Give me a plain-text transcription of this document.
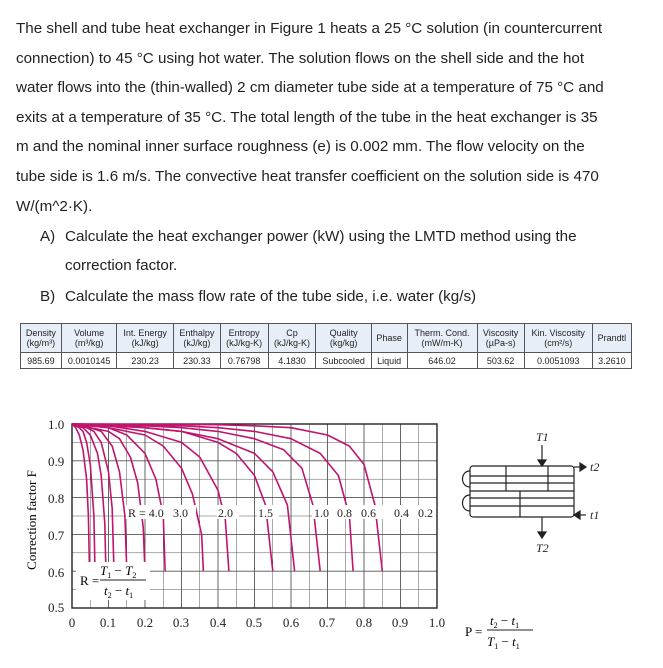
The shell and tube heat exchanger in Figure 1 heats a 25 °C solution (in countercurrent

connection) to 45 °C using hot water. The solution flows on the shell side and the hot

water flows into the (thin-walled) 2 cm diameter tube side at a temperature of 75 °C and

exits at a temperature of 35 °C. The total length of the tube in the heat exchanger is 35

m and the nominal inner surface roughness (e) is 0.002 mm. The flow velocity on the

tube side is 1.6 m/s. The convective heat transfer coefficient on the solution side is 470

W/(m^2·K).

A) Calculate the heat exchanger power (kW) using the LMTD method using the
correction factor.
B) Calculate the mass flow rate of the tube side, i.e. water (kg/s)
Density
(kg/m³)	Volume
(m³/kg)	Int. Energy
(kJ/kg)	Enthalpy
(kJ/kg)	Entropy
(kJ/kg-K)	Cp
(kJ/kg-K)	Quality
(kg/kg)	Phase	Therm. Cond.
(mW/m-K)	Viscosity
(µPa-s)	Kin. Viscosity
(cm²/s)	Prandtl
985.69	0.0010145	230.23	230.33	0.76798	4.1830	Subcooled	Liquid	646.02	503.62	0.0051093	3.2610
Correction factor F
1.0
0.9
0.8
0.7
0.6
0.5
0 0.1 0.2 0.3 0.4 0.5 0.6 0.7 0.8 0.9 1.0
R = 4.0 3.0	2.0 1.5	1.0 0.8 0.6 0.4 0.2
R =
$T_1 - T_2$
$t_2 - t_1$
P =
$t_2 - t_1$
$T_1 - t_1$
T1
t2
t1
T2
